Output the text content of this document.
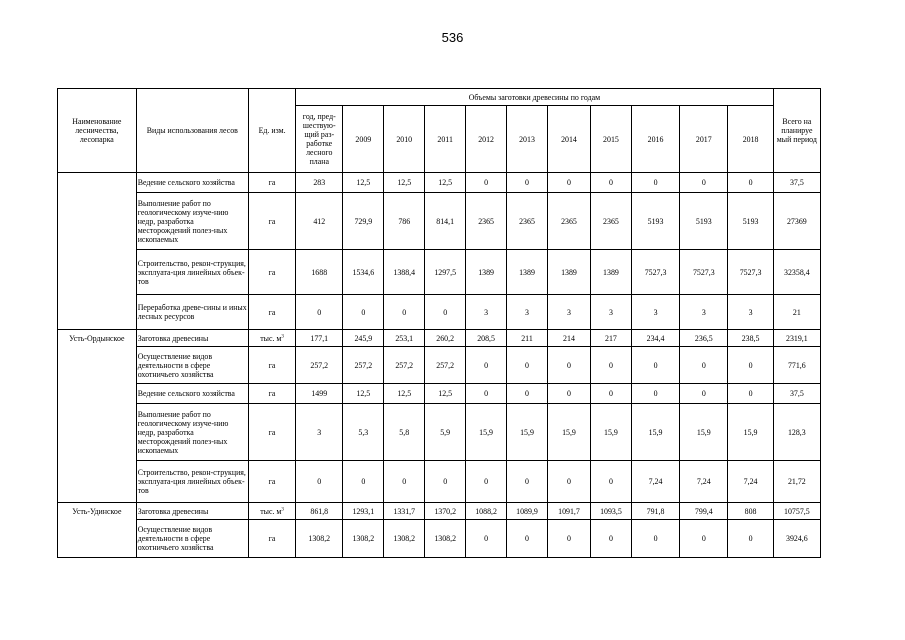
536
Наименование лесничества, лесопарка	Виды использования лесов	Ед. изм.	Объемы заготовки древесины по годам											Всего на планируе мый период
			год, пред-шествую-щий раз-работке лесного плана	2009	2010	2011	2012	2013	2014	2015	2016	2017	2018	
	Ведение сельского хозяйства	га	283	12,5	12,5	12,5	0	0	0	0	0	0	0	37,5
	Выполнение работ по геологическому изуче-нию недр, разработка месторождений полез-ных ископаемых	га	412	729,9	786	814,1	2365	2365	2365	2365	5193	5193	5193	27369
	Строительство, рекон-струкция, эксплуата-ция линейных объек-тов	га	1688	1534,6	1388,4	1297,5	1389	1389	1389	1389	7527,3	7527,3	7527,3	32358,4
	Переработка древе-сины и иных лесных ресурсов	га	0	0	0	0	3	3	3	3	3	3	3	21
Усть-Ордынское	Заготовка древесины	тыс. $м^3$	177,1	245,9	253,1	260,2	208,5	211	214	217	234,4	236,5	238,5	2319,1
	Осуществление видов деятельности в сфере охотничьего хозяйства	га	257,2	257,2	257,2	257,2	0	0	0	0	0	0	0	771,6
	Ведение сельского хозяйства	га	1499	12,5	12,5	12,5	0	0	0	0	0	0	0	37,5
	Выполнение работ по геологическому изуче-нию недр, разработка месторождений полез-ных ископаемых	га	3	5,3	5,8	5,9	15,9	15,9	15,9	15,9	15,9	15,9	15,9	128,3
	Строительство, рекон-струкция, эксплуата-ция линейных объек-тов	га	0	0	0	0	0	0	0	0	7,24	7,24	7,24	21,72
Усть-Удинское	Заготовка древесины	тыс. $м^3$	861,8	1293,1	1331,7	1370,2	1088,2	1089,9	1091,7	1093,5	791,8	799,4	808	10757,5
	Осуществление видов деятельности в сфере охотничьего хозяйства	га	1308,2	1308,2	1308,2	1308,2	0	0	0	0	0	0	0	3924,6
